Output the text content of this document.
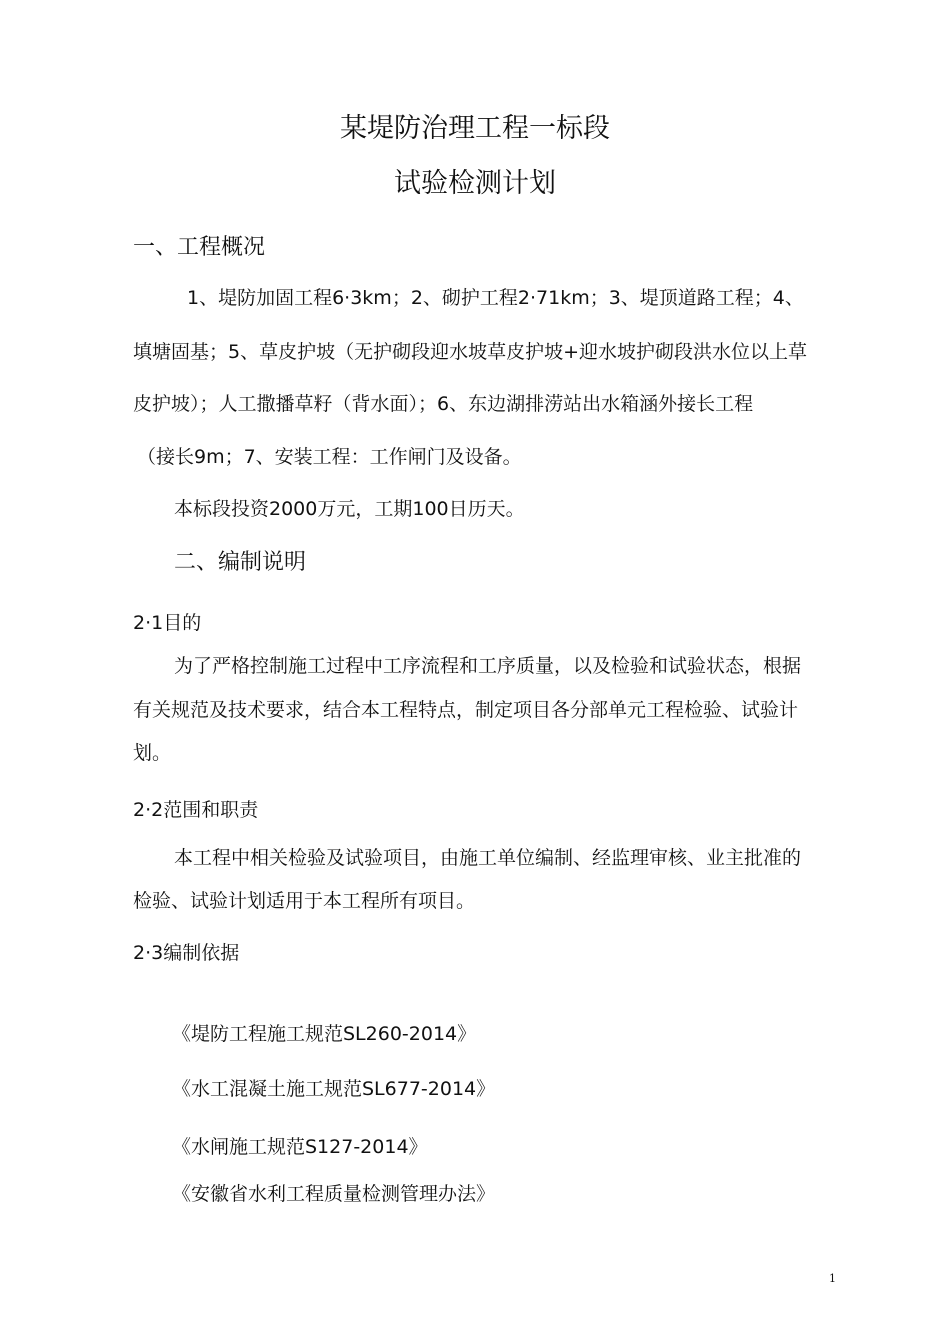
某堤防治理工程一标段
试验检测计划
一、工程概况
1、堤防加固工程6·3km；2、砌护工程2·71km；3、堤顶道路工程；4、
填塘固基；5、草皮护坡（无护砌段迎水坡草皮护坡+迎水坡护砌段洪水位以上草
皮护坡）；人工撒播草籽（背水面）；6、东边湖排涝站出水箱涵外接长工程
（接长9m；7、安装工程：工作闸门及设备。
本标段投资2000万元，工期100日历天。
二、编制说明
2·1目的
为了严格控制施工过程中工序流程和工序质量，以及检验和试验状态，根据
有关规范及技术要求，结合本工程特点，制定项目各分部单元工程检验、试验计
划。
2·2范围和职责
本工程中相关检验及试验项目，由施工单位编制、经监理审核、业主批准的
检验、试验计划适用于本工程所有项目。
2·3编制依据
《堤防工程施工规范SL260-2014》
《水工混凝土施工规范SL677-2014》
《水闸施工规范S127-2014》
《安徽省水利工程质量检测管理办法》
1
